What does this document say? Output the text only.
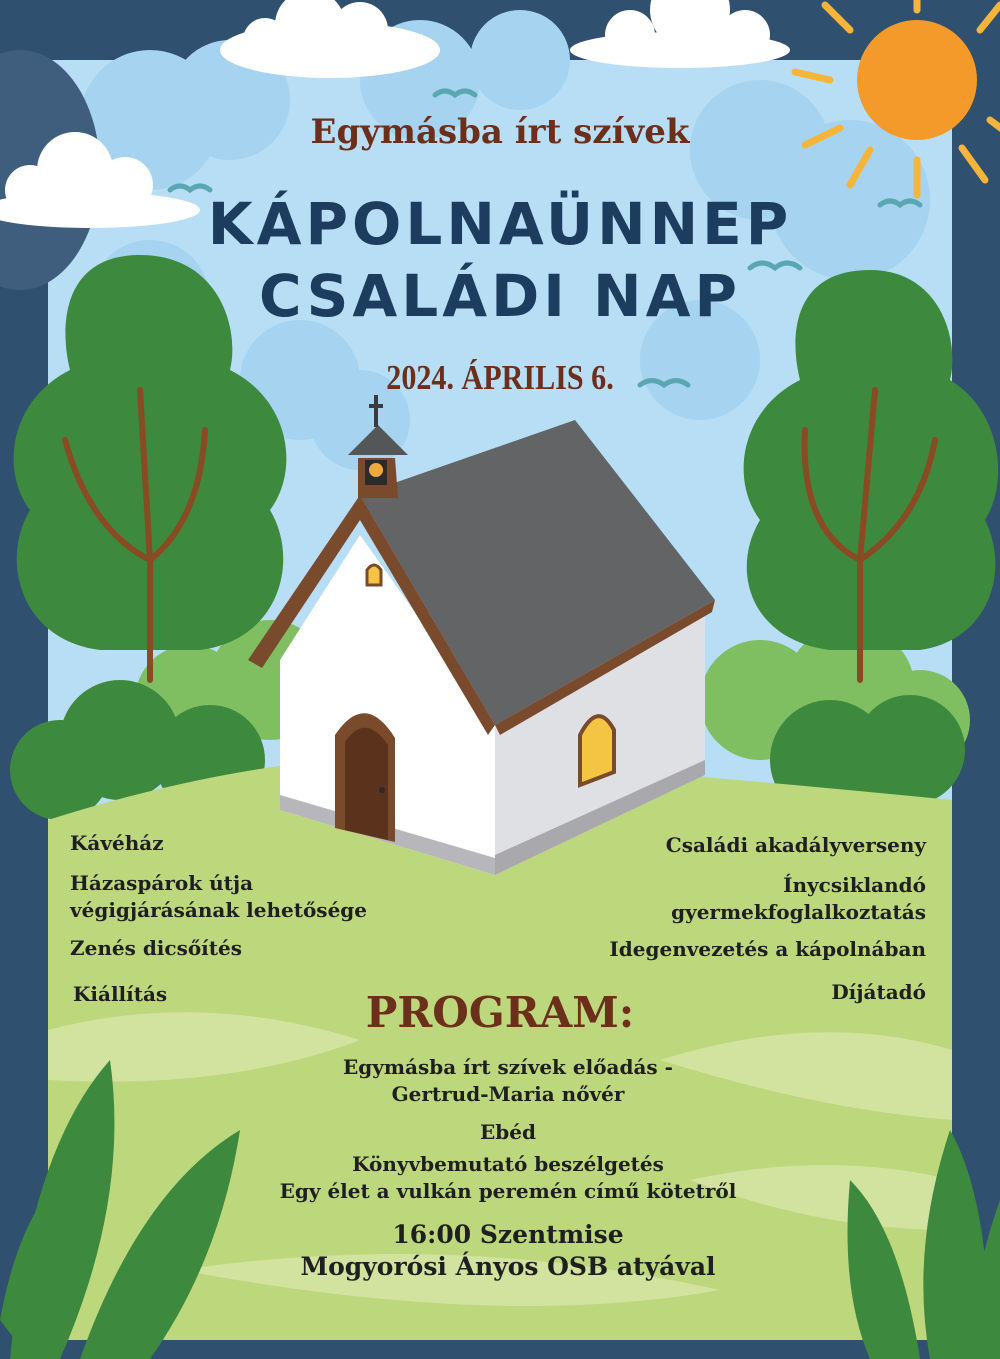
Egymásba írt szívek

KÁPOLNAÜNNEP

CSALÁDI NAP

2024. ÁPRILIS 6.

Kávéház
Házaspárok útja
végigjárásának lehetősége
Zenés dicsőítés
Kiállítás
Családi akadályverseny
Ínycsiklandó
gyermekfoglalkoztatás
Idegenvezetés a kápolnában
Díjátadó

PROGRAM:

Egymásba írt szívek előadás -
Gertrud-Maria nővér
Ebéd
Könyvbemutató beszélgetés
Egy élet a vulkán peremén című kötetről
16:00 Szentmise
Mogyorósi Ányos OSB atyával
